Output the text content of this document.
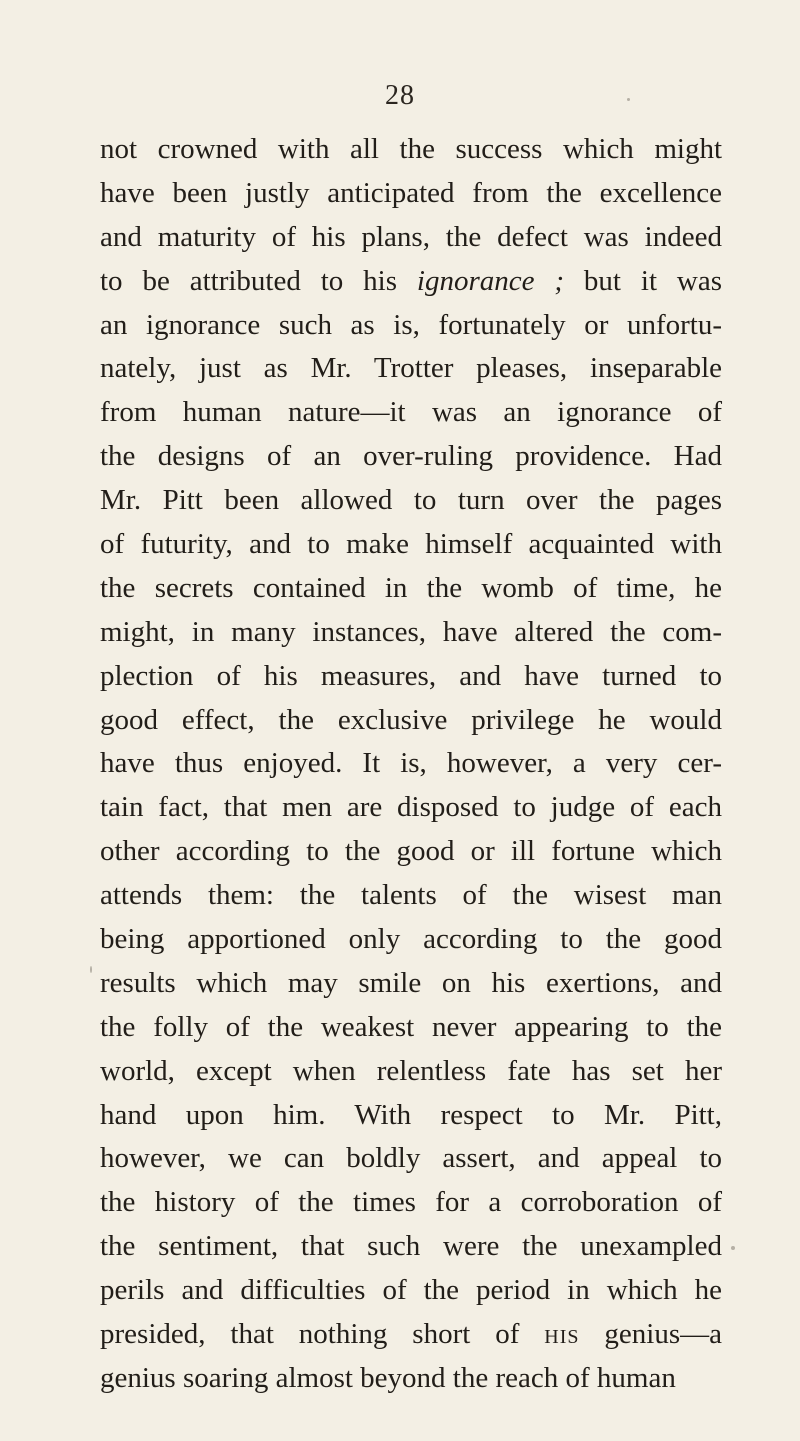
28
not crowned with all the success which might
have been justly anticipated from the excellence
and maturity of his plans, the defect was indeed
to be attributed to his ignorance ; but it was
an ignorance such as is, fortunately or unfortu-
nately, just as Mr. Trotter pleases, inseparable
from human nature—it was an ignorance of
the designs of an over-ruling providence. Had
Mr. Pitt been allowed to turn over the pages
of futurity, and to make himself acquainted with
the secrets contained in the womb of time, he
might, in many instances, have altered the com-
plection of his measures, and have turned to
good effect, the exclusive privilege he would
have thus enjoyed. It is, however, a very cer-
tain fact, that men are disposed to judge of each
other according to the good or ill fortune which
attends them: the talents of the wisest man
being apportioned only according to the good
results which may smile on his exertions, and
the folly of the weakest never appearing to the
world, except when relentless fate has set her
hand upon him. With respect to Mr. Pitt,
however, we can boldly assert, and appeal to
the history of the times for a corroboration of
the sentiment, that such were the unexampled
perils and difficulties of the period in which he
presided, that nothing short of his genius—a
genius soaring almost beyond the reach of human
